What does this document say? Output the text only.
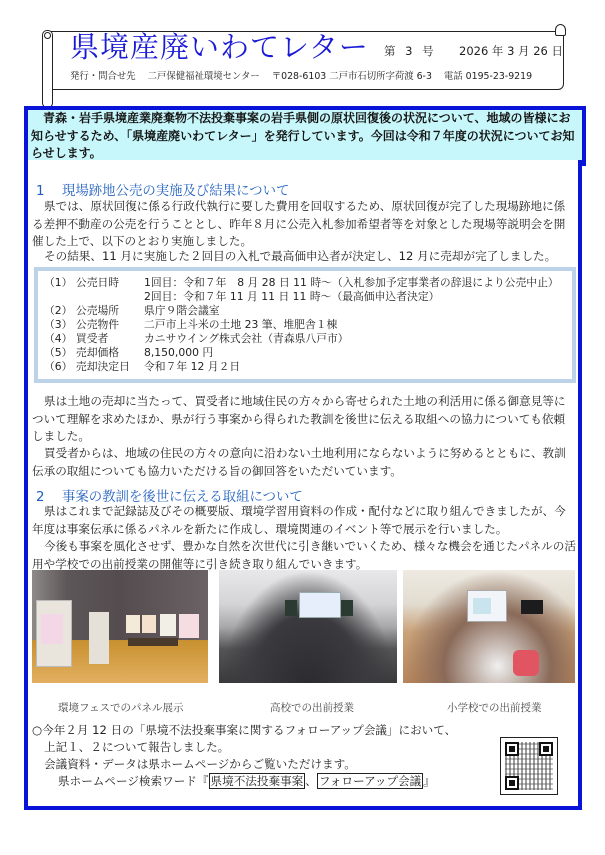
県境産廃いわてレター 第 3 号	2026 年 3 月 26 日
発行・問合せ先 二戸保健福祉環境センター 〒028-6103 二戸市石切所字荷渡 6-3 電話 0195-23-9219

　青森・岩手県境産業廃棄物不法投棄事案の岩手県側の原状回復後の状況について、地域の皆様にお知らせするため、「県境産廃いわてレター」を発行しています。今回は令和７年度の状況についてお知らせします。

1 現場跡地公売の実施及び結果について

県では、原状回復に係る行政代執行に要した費用を回収するため、原状回復が完了した現場跡地に係る差押不動産の公売を行うこととし、昨年８月に公売入札参加希望者等を対象とした現場等説明会を開催した上で、以下のとおり実施しました。

その結果、11 月に実施した２回目の入札で最高価申込者が決定し、12 月に売却が完了しました。

（1） 公売日時 1回目：令和７年　8 月 28 日 11 時～（入札参加予定事業者の辞退により公売中止）
2回目：令和７年 11 月 11 日 11 時～（最高価申込者決定）
（2） 公売場所 県庁９階会議室
（3） 公売物件 二戸市上斗米の土地 23 筆、堆肥舎１棟
（4） 買受者	カニサウイング株式会社（青森県八戸市）
（5） 売却価格 8,150,000 円
（6） 売却決定日 令和７年 12 月２日

県は土地の売却に当たって、買受者に地域住民の方々から寄せられた土地の利活用に係る御意見等について理解を求めたほか、県が行う事案から得られた教訓を後世に伝える取組への協力についても依頼しました。

買受者からは、地域の住民の方々の意向に沿わない土地利用にならないように努めるとともに、教訓伝承の取組についても協力いただける旨の御回答をいただいています。

2 事案の教訓を後世に伝える取組について

県はこれまで記録誌及びその概要版、環境学習用資料の作成・配付などに取り組んできましたが、今年度は事案伝承に係るパネルを新たに作成し、環境関連のイベント等で展示を行いました。

今後も事案を風化させず、豊かな自然を次世代に引き継いでいくため、様々な機会を通じたパネルの活用や学校での出前授業の開催等に引き続き取り組んでいきます。

環境フェスでのパネル展示	高校での出前授業	小学校での出前授業
○今年２月 12 日の「県境不法投棄事案に関するフォローアップ会議」において、
上記１、２について報告しました。
会議資料・データは県ホームページからご覧いただけます。
県ホームページ検索ワード『 県境不法投棄事案 、 フォローアップ会議 』
